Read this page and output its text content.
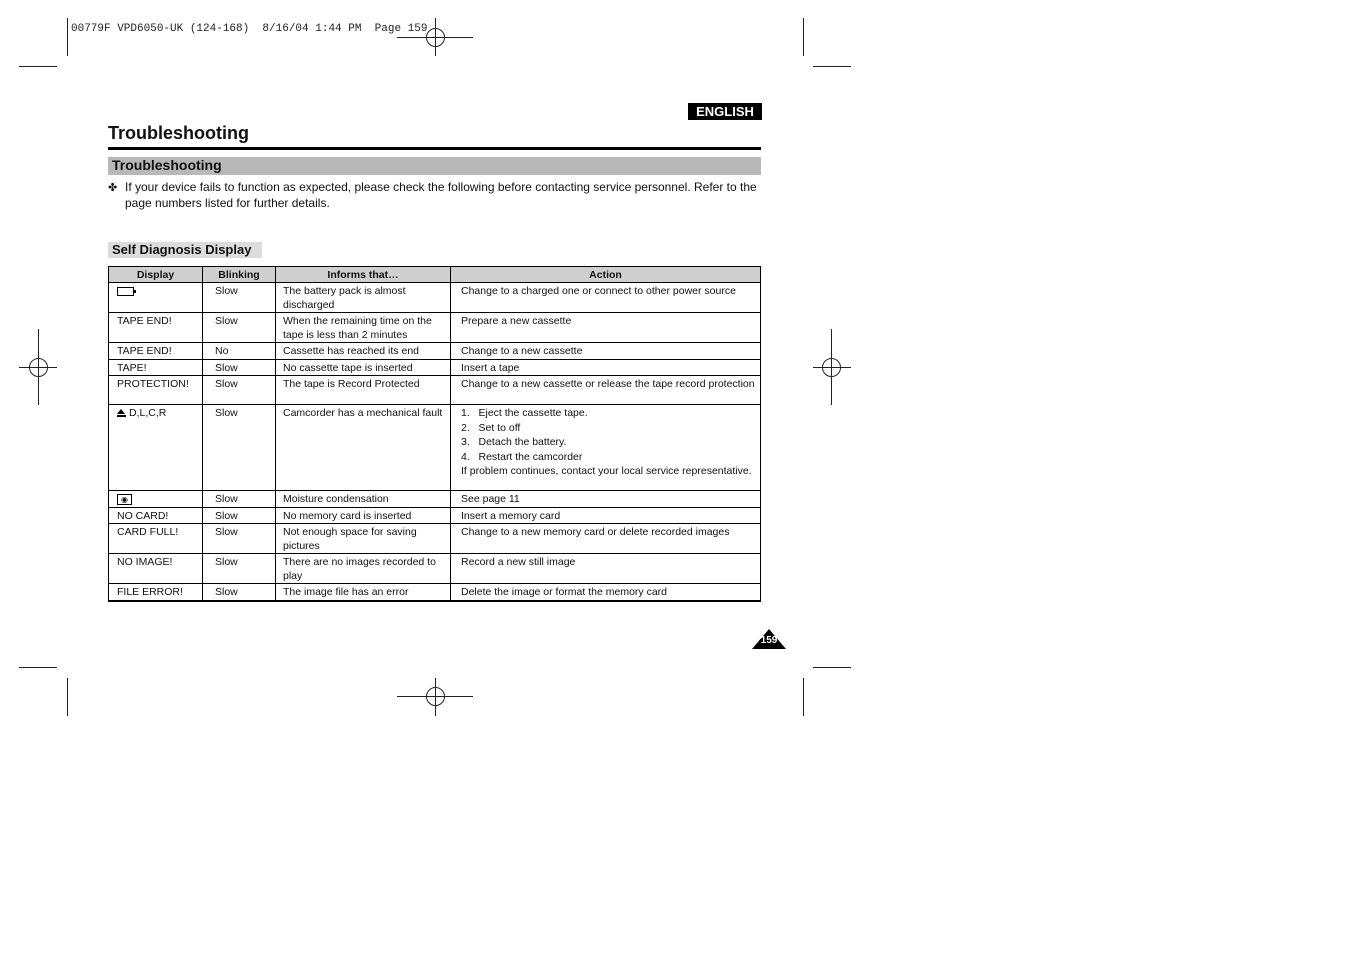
00779F VPD6050-UK (124-168)  8/16/04 1:44 PM  Page 159
ENGLISH
Troubleshooting
Troubleshooting
✤ If your device fails to function as expected, please check the following before contacting service personnel. Refer to the page numbers listed for further details.
Self Diagnosis Display
Display	Blinking	Informs that…	Action
	Slow	The battery pack is almost discharged	Change to a charged one or connect to other power source

TAPE END!	Slow	When the remaining time on the tape is less than 2 minutes	Prepare a new cassette

TAPE END!	No	Cassette has reached its end	Change to a new cassette

TAPE!	Slow	No cassette tape is inserted	Insert a tape

PROTECTION!	Slow	The tape is Record Protected	Change to a new cassette or release the tape record protection

D,L,C,R	Slow	Camcorder has a mechanical fault	1.   Eject the cassette tape.
2.   Set to off
3.   Detach the battery.
4.   Restart the camcorder
If problem continues, contact your local service representative.

◉	Slow	Moisture condensation	See page 11

NO CARD!	Slow	No memory card is inserted	Insert a memory card

CARD FULL!	Slow	Not enough space for saving pictures	Change to a new memory card or delete recorded images

NO IMAGE!	Slow	There are no images recorded to play	Record a new still image

FILE ERROR!	Slow	The image file has an error	Delete the image or format the memory card
159
